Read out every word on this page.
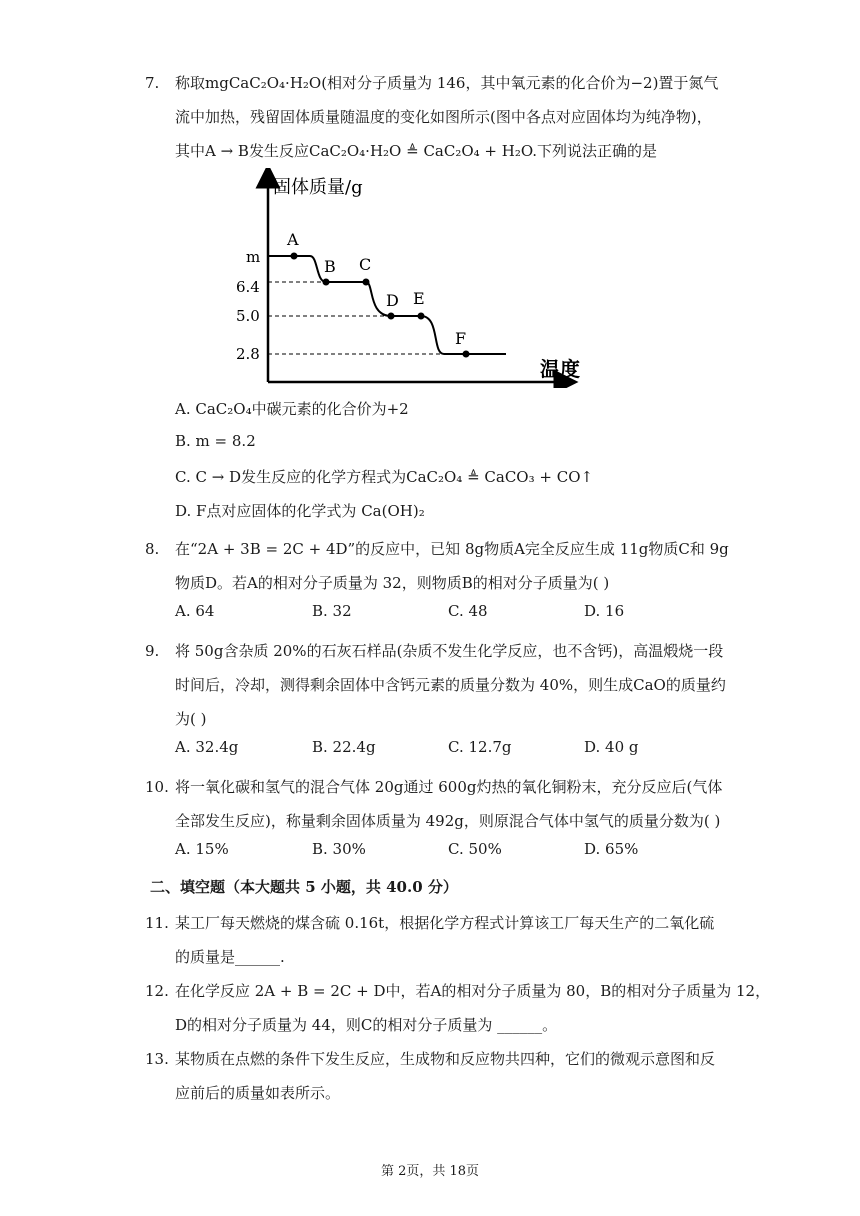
7. 称取mgCaC₂O₄·H₂O(相对分子质量为 146，其中氧元素的化合价为−2)置于氮气
流中加热，残留固体质量随温度的变化如图所示(图中各点对应固体均为纯净物)，
其中A → B发生反应CaC₂O₄·H₂O ≜ CaC₂O₄ + H₂O.下列说法正确的是
固体质量/g
温度
m
6.4
5.0
2.8
A
B C
D E
F
A. CaC₂O₄中碳元素的化合价为+2
B. m = 8.2
C. C → D发生反应的化学方程式为CaC₂O₄ ≜ CaCO₃ + CO↑
D. F点对应固体的化学式为 Ca(OH)₂
8. 在“2A + 3B = 2C + 4D”的反应中，已知 8g物质A完全反应生成 11g物质C和 9g
物质D。若A的相对分子质量为 32，则物质B的相对分子质量为( )
A. 64	B. 32	C. 48	D. 16
9. 将 50g含杂质 20%的石灰石样品(杂质不发生化学反应，也不含钙)，高温煅烧一段
时间后，冷却，测得剩余固体中含钙元素的质量分数为 40%，则生成CaO的质量约
为( )
A. 32.4g	B. 22.4g	C. 12.7g	D. 40 g
10. 将一氧化碳和氢气的混合气体 20g通过 600g灼热的氧化铜粉末，充分反应后(气体
全部发生反应)，称量剩余固体质量为 492g，则原混合气体中氢气的质量分数为( )
A. 15%	B. 30%	C. 50%	D. 65%
二、填空题（本大题共 5 小题，共 40.0 分）
11. 某工厂每天燃烧的煤含硫 0.16t，根据化学方程式计算该工厂每天生产的二氧化硫
的质量是______.
12. 在化学反应 2A + B = 2C + D中，若A的相对分子质量为 80，B的相对分子质量为 12，
D的相对分子质量为 44，则C的相对分子质量为 ______。
13. 某物质在点燃的条件下发生反应，生成物和反应物共四种，它们的微观示意图和反
应前后的质量如表所示。
第 2页，共 18页
